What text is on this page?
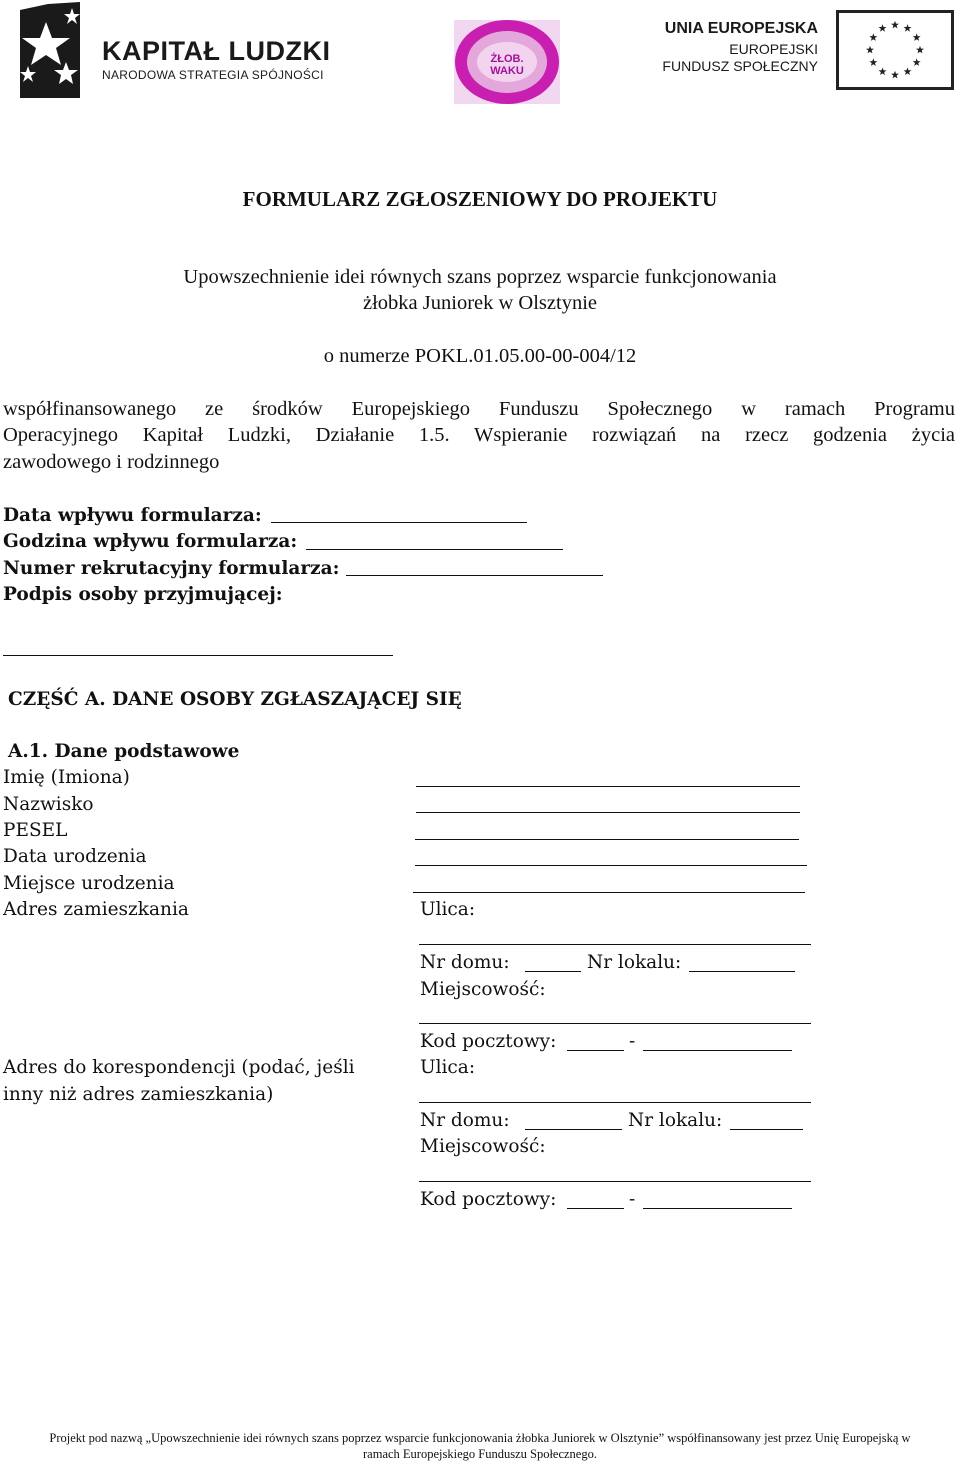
KAPITAŁ LUDZKI
NARODOWA STRATEGIA SPÓJNOŚCI
ŻŁOB. WAKU
UNIA EUROPEJSKA
EUROPEJSKI
FUNDUSZ SPOŁECZNY
FORMULARZ ZGŁOSZENIOWY DO PROJEKTU
Upowszechnienie idei równych szans poprzez wsparcie funkcjonowania
żłobka Juniorek w Olsztynie
o numerze POKL.01.05.00-00-004/12
współfinansowanego ze środków Europejskiego Funduszu Społecznego w ramach Programu
Operacyjnego Kapitał Ludzki, Działanie 1.5. Wspieranie rozwiązań na rzecz godzenia życia
zawodowego i rodzinnego
Data wpływu formularza:
Godzina wpływu formularza:
Numer rekrutacyjny formularza:
Podpis osoby przyjmującej:
CZĘŚĆ A. DANE OSOBY ZGŁASZAJĄCEJ SIĘ
A.1. Dane podstawowe
Imię (Imiona)
Nazwisko
PESEL
Data urodzenia
Miejsce urodzenia
Adres zamieszkania	Ulica:
Nr domu:	Nr lokalu:
Miejscowość:
Kod pocztowy:	-
Adres do korespondencji (podać, jeśli
inny niż adres zamieszkania)
Ulica:
Nr domu:	Nr lokalu:
Miejscowość:
Kod pocztowy:	-
Projekt pod nazwą „Upowszechnienie idei równych szans poprzez wsparcie funkcjonowania żłobka Juniorek w Olsztynie” współfinansowany jest przez Unię Europejską w
ramach Europejskiego Funduszu Społecznego.
